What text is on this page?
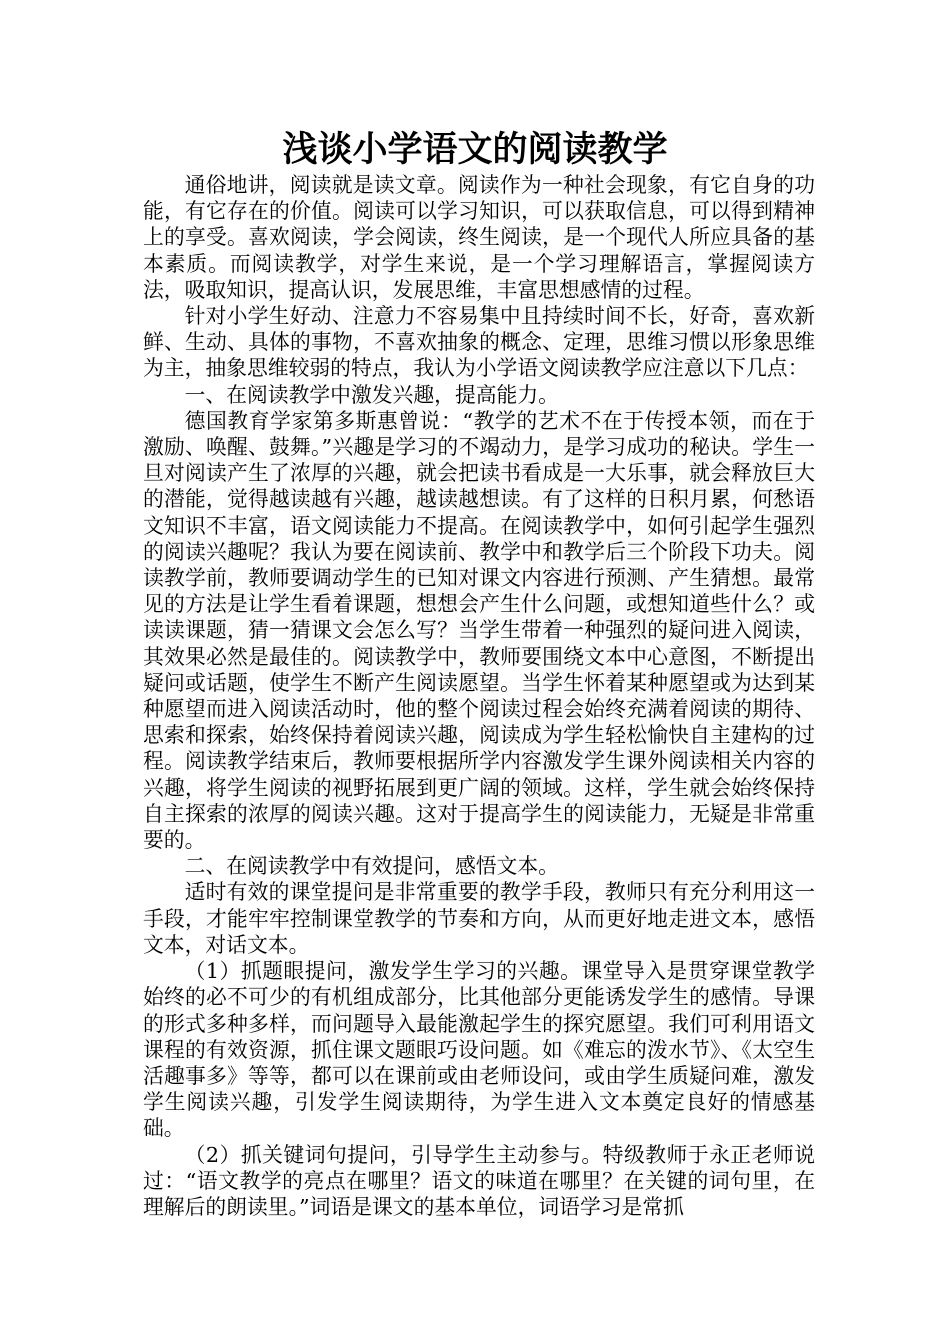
浅谈小学语文的阅读教学

通俗地讲，阅读就是读文章。阅读作为一种社会现象，有它自身的功能，有它存在的价值。阅读可以学习知识，可以获取信息，可以得到精神上的享受。喜欢阅读，学会阅读，终生阅读，是一个现代人所应具备的基本素质。而阅读教学，对学生来说，是一个学习理解语言，掌握阅读方法，吸取知识，提高认识，发展思维，丰富思想感情的过程。

针对小学生好动、注意力不容易集中且持续时间不长，好奇，喜欢新鲜、生动、具体的事物，不喜欢抽象的概念、定理，思维习惯以形象思维为主，抽象思维较弱的特点，我认为小学语文阅读教学应注意以下几点：

一、在阅读教学中激发兴趣，提高能力。

德国教育学家第多斯惠曾说：“教学的艺术不在于传授本领，而在于激励、唤醒、鼓舞。”兴趣是学习的不竭动力，是学习成功的秘诀。学生一旦对阅读产生了浓厚的兴趣，就会把读书看成是一大乐事，就会释放巨大的潜能，觉得越读越有兴趣，越读越想读。有了这样的日积月累，何愁语文知识不丰富，语文阅读能力不提高。在阅读教学中，如何引起学生强烈的阅读兴趣呢？我认为要在阅读前、教学中和教学后三个阶段下功夫。阅读教学前，教师要调动学生的已知对课文内容进行预测、产生猜想。最常见的方法是让学生看着课题，想想会产生什么问题，或想知道些什么？或读读课题，猜一猜课文会怎么写？当学生带着一种强烈的疑问进入阅读，其效果必然是最佳的。阅读教学中，教师要围绕文本中心意图，不断提出疑问或话题，使学生不断产生阅读愿望。当学生怀着某种愿望或为达到某种愿望而进入阅读活动时，他的整个阅读过程会始终充满着阅读的期待、思索和探索，始终保持着阅读兴趣，阅读成为学生轻松愉快自主建构的过程。阅读教学结束后，教师要根据所学内容激发学生课外阅读相关内容的兴趣，将学生阅读的视野拓展到更广阔的领域。这样，学生就会始终保持自主探索的浓厚的阅读兴趣。这对于提高学生的阅读能力，无疑是非常重要的。

二、在阅读教学中有效提问，感悟文本。

适时有效的课堂提问是非常重要的教学手段，教师只有充分利用这一手段，才能牢牢控制课堂教学的节奏和方向，从而更好地走进文本，感悟文本，对话文本。

（1）抓题眼提问，激发学生学习的兴趣。课堂导入是贯穿课堂教学始终的必不可少的有机组成部分，比其他部分更能诱发学生的感情。导课的形式多种多样，而问题导入最能激起学生的探究愿望。我们可利用语文课程的有效资源，抓住课文题眼巧设问题。如《难忘的泼水节》、《太空生活趣事多》等等，都可以在课前或由老师设问，或由学生质疑问难，激发学生阅读兴趣，引发学生阅读期待，为学生进入文本奠定良好的情感基础。

（2）抓关键词句提问，引导学生主动参与。特级教师于永正老师说过：“语文教学的亮点在哪里？语文的味道在哪里？在关键的词句里，在理解后的朗读里。”词语是课文的基本单位，词语学习是常抓
